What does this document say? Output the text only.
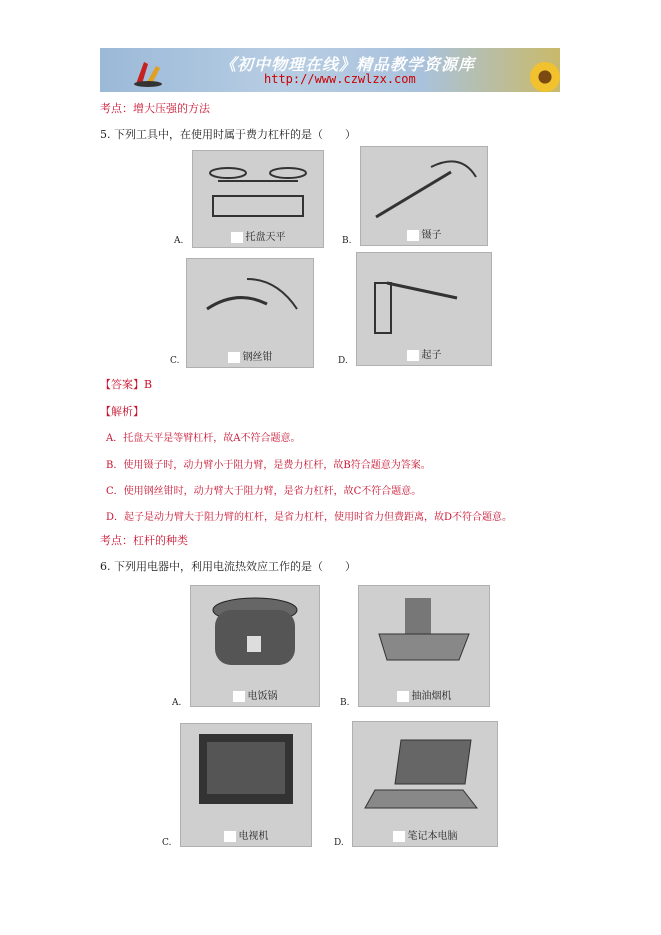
《初中物理在线》精品教学资源库
http://www.czwlzx.com
考点：增大压强的方法
5. 下列工具中，在使用时属于费力杠杆的是（　　）
A.	托盘天平	B.	镊子
C.	钢丝钳	D.	起子
【答案】B
【解析】
A．托盘天平是等臂杠杆，故A不符合题意。
B．使用镊子时，动力臂小于阻力臂，是费力杠杆，故B符合题意为答案。
C．使用钢丝钳时，动力臂大于阻力臂，是省力杠杆，故C不符合题意。
D．起子是动力臂大于阻力臂的杠杆，是省力杠杆，使用时省力但费距离，故D不符合题意。
考点：杠杆的种类
6. 下列用电器中，利用电流热效应工作的是（　　）
A.
电饭锅
B.
抽油烟机
C.
电视机
D.
笔记本电脑
